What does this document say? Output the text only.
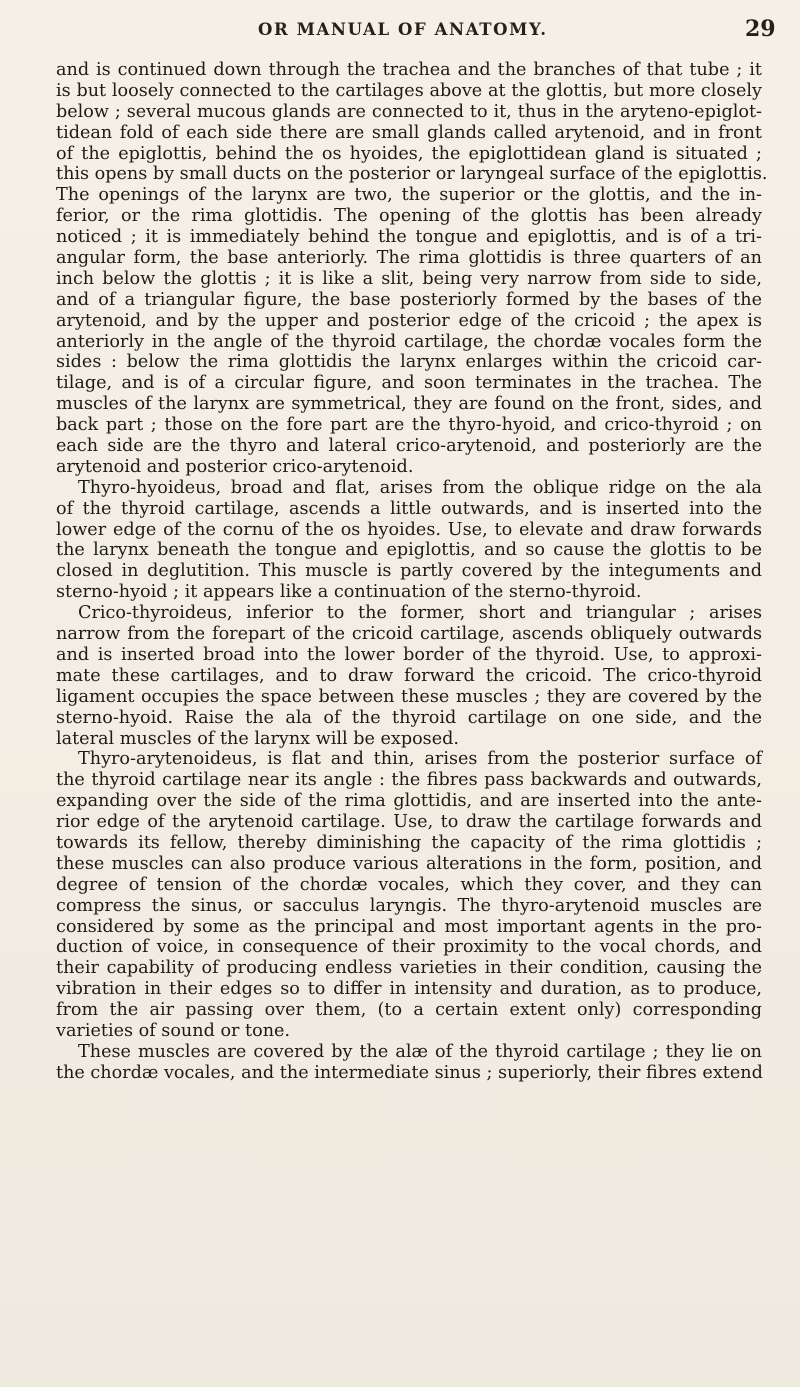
OR MANUAL OF ANATOMY.	29
and is continued down through the trachea and the branches of that tube ; it
is but loosely connected to the cartilages above at the glottis, but more closely
below ; several mucous glands are connected to it, thus in the aryteno-epiglot-
tidean fold of each side there are small glands called arytenoid, and in front
of the epiglottis, behind the os hyoides, the epiglottidean gland is situated ;
this opens by small ducts on the posterior or laryngeal surface of the epiglottis.
The openings of the larynx are two, the superior or the glottis, and the in-
ferior, or the rima glottidis. The opening of the glottis has been already
noticed ; it is immediately behind the tongue and epiglottis, and is of a tri-
angular form, the base anteriorly. The rima glottidis is three quarters of an
inch below the glottis ; it is like a slit, being very narrow from side to side,
and of a triangular figure, the base posteriorly formed by the bases of the
arytenoid, and by the upper and posterior edge of the cricoid ; the apex is
anteriorly in the angle of the thyroid cartilage, the chordæ vocales form the
sides : below the rima glottidis the larynx enlarges within the cricoid car-
tilage, and is of a circular figure, and soon terminates in the trachea. The
muscles of the larynx are symmetrical, they are found on the front, sides, and
back part ; those on the fore part are the thyro-hyoid, and crico-thyroid ; on
each side are the thyro and lateral crico-arytenoid, and posteriorly are the
arytenoid and posterior crico-arytenoid.
Thyro-hyoideus, broad and flat, arises from the oblique ridge on the ala
of the thyroid cartilage, ascends a little outwards, and is inserted into the
lower edge of the cornu of the os hyoides. Use, to elevate and draw forwards
the larynx beneath the tongue and epiglottis, and so cause the glottis to be
closed in deglutition. This muscle is partly covered by the integuments and
sterno-hyoid ; it appears like a continuation of the sterno-thyroid.
Crico-thyroideus, inferior to the former, short and triangular ; arises
narrow from the forepart of the cricoid cartilage, ascends obliquely outwards
and is inserted broad into the lower border of the thyroid. Use, to approxi-
mate these cartilages, and to draw forward the cricoid. The crico-thyroid
ligament occupies the space between these muscles ; they are covered by the
sterno-hyoid. Raise the ala of the thyroid cartilage on one side, and the
lateral muscles of the larynx will be exposed.
Thyro-arytenoideus, is flat and thin, arises from the posterior surface of
the thyroid cartilage near its angle : the fibres pass backwards and outwards,
expanding over the side of the rima glottidis, and are inserted into the ante-
rior edge of the arytenoid cartilage. Use, to draw the cartilage forwards and
towards its fellow, thereby diminishing the capacity of the rima glottidis ;
these muscles can also produce various alterations in the form, position, and
degree of tension of the chordæ vocales, which they cover, and they can
compress the sinus, or sacculus laryngis. The thyro-arytenoid muscles are
considered by some as the principal and most important agents in the pro-
duction of voice, in consequence of their proximity to the vocal chords, and
their capability of producing endless varieties in their condition, causing the
vibration in their edges so to differ in intensity and duration, as to produce,
from the air passing over them, (to a certain extent only) corresponding
varieties of sound or tone.
These muscles are covered by the alæ of the thyroid cartilage ; they lie on
the chordæ vocales, and the intermediate sinus ; superiorly, their fibres extend
